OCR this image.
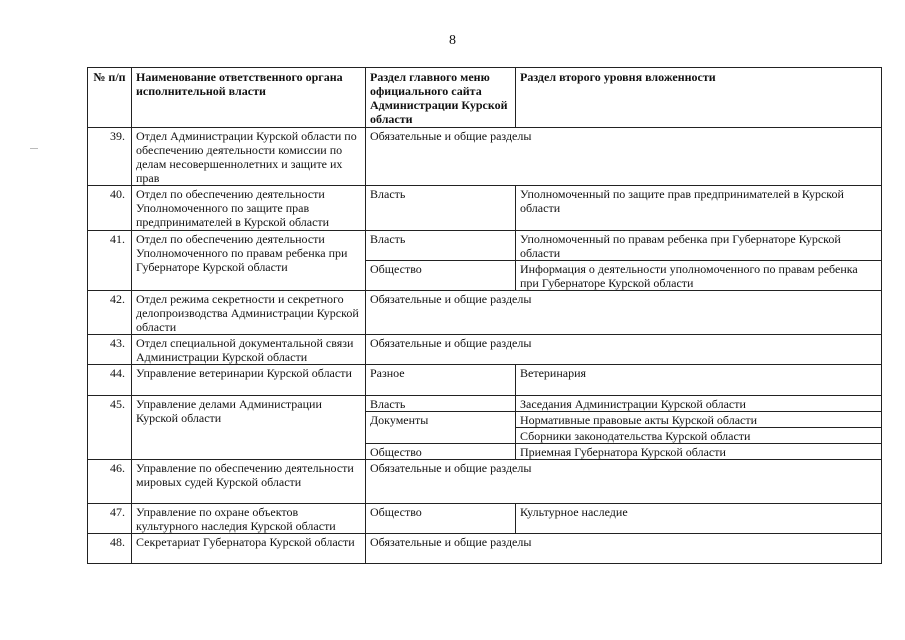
8
№ п/п	Наименование ответственного органа исполнительной власти	Раздел главного меню официального сайта Администрации Курской области	Раздел второго уровня вложенности
39.	Отдел Администрации Курской области по обеспечению деятельности комиссии по делам несовершеннолетних и защите их прав	Обязательные и общие разделы	
40.	Отдел по обеспечению деятельности Уполномоченного по защите прав предпринимателей в Курской области	Власть	Уполномоченный по защите прав предпринимателей в Курской области
41.	Отдел по обеспечению деятельности Уполномоченного по правам ребенка при Губернаторе Курской области	Власть	Уполномоченный по правам ребенка при Губернаторе Курской области
		Общество	Информация о деятельности уполномоченного по правам ребенка при Губернаторе Курской области
42.	Отдел режима секретности и секретного делопроизводства Администрации Курской области	Обязательные и общие разделы	
43.	Отдел специальной документальной связи Администрации Курской области	Обязательные и общие разделы	
44.	Управление ветеринарии Курской области	Разное	Ветеринария
45.	Управление делами Администрации Курской области	Власть	Заседания Администрации Курской области
		Документы	Нормативные правовые акты Курской области
			Сборники законодательства Курской области
		Общество	Приемная Губернатора Курской области
46.	Управление по обеспечению деятельности мировых судей Курской области	Обязательные и общие разделы	
47.	Управление по охране объектов культурного наследия Курской области	Общество	Культурное наследие
48.	Секретариат Губернатора Курской области	Обязательные и общие разделы	
